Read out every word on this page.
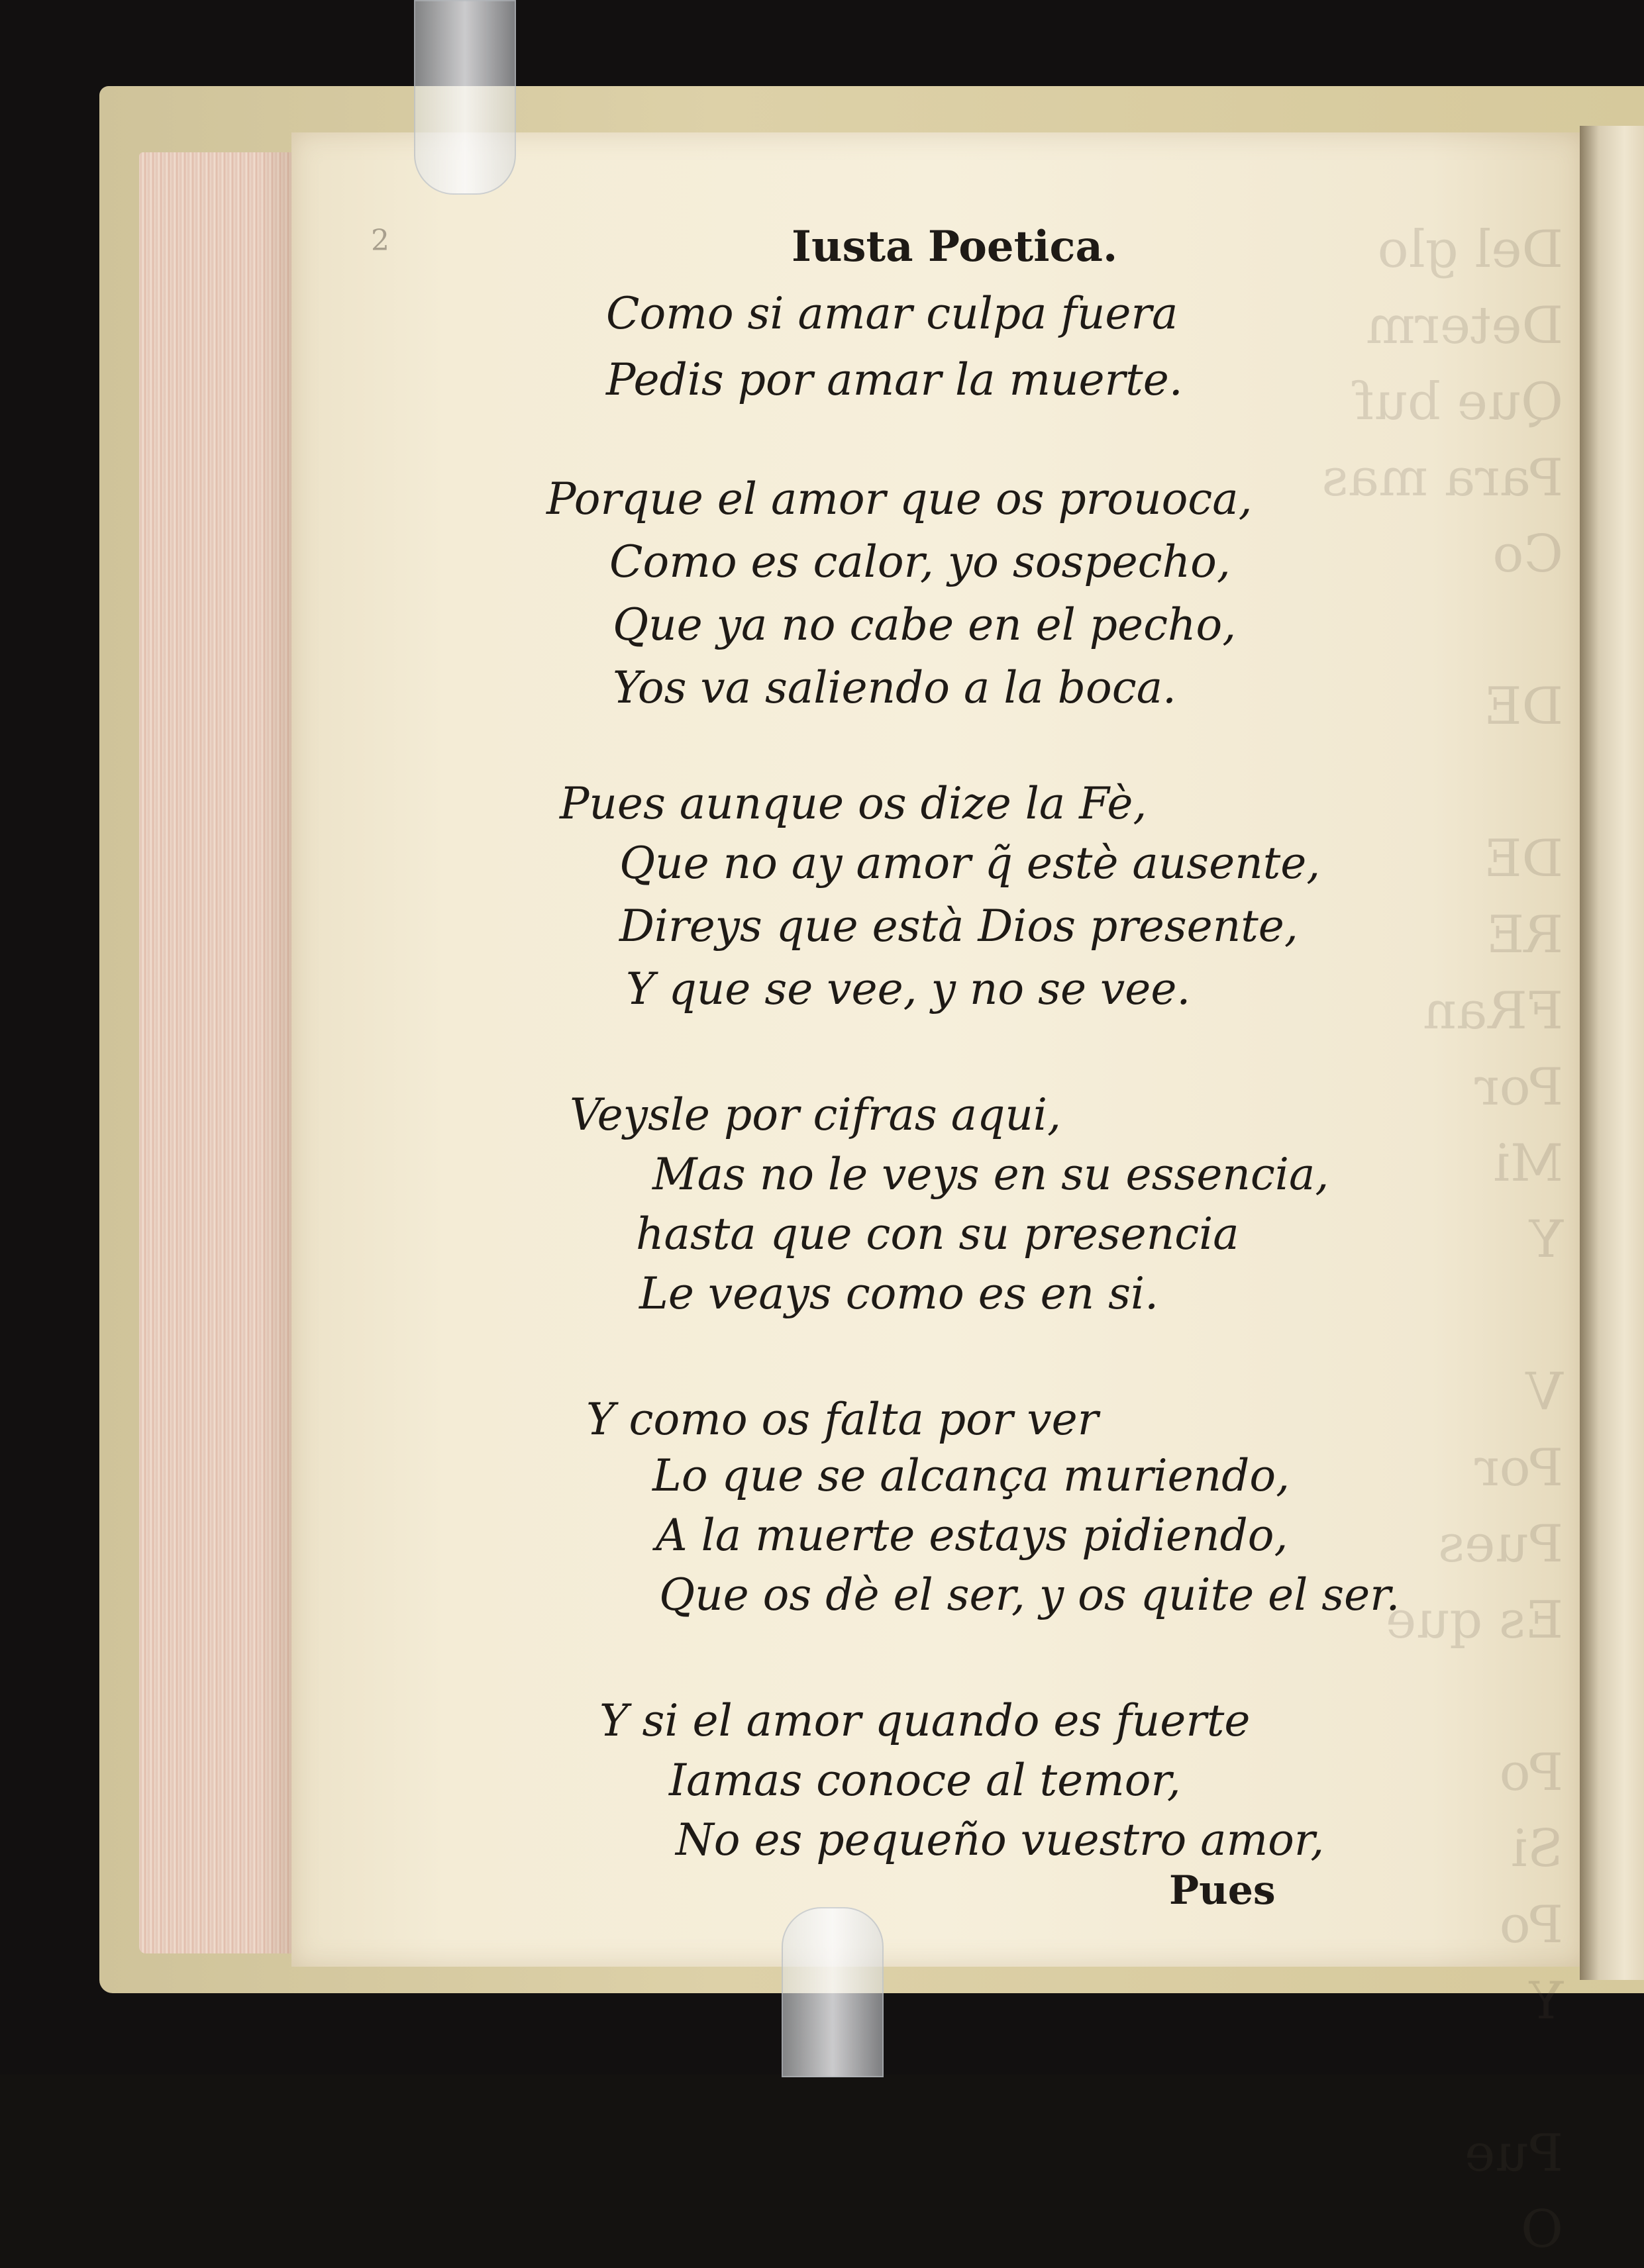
Del glo
Determ
Que buf
Para mas
Co

DE

DE
RE
FRan
Por
Mi
Y

V
Por
Pues
Es que

Po
Si
Po
Y

Pue
O
2	Iusta Poetica.
Como si amar culpa fuera
Pedis por amar la muerte.
Porque el amor que os prouoca,
Como es calor, yo sospecho,
Que ya no cabe en el pecho,
Yos va saliendo a la boca.
Pues aunque os dize la Fè,
Que no ay amor q̃ estè ausente,
Direys que està Dios presente,
Y que se vee, y no se vee.
Veysle por cifras aqui,
Mas no le veys en su essencia,
hasta que con su presencia
Le veays como es en si.
Y como os falta por ver
Lo que se alcança muriendo,
A la muerte estays pidiendo,
Que os dè el ser, y os quite el ser.
Y si el amor quando es fuerte
Iamas conoce al temor,
No es pequeño vuestro amor,
Pues
